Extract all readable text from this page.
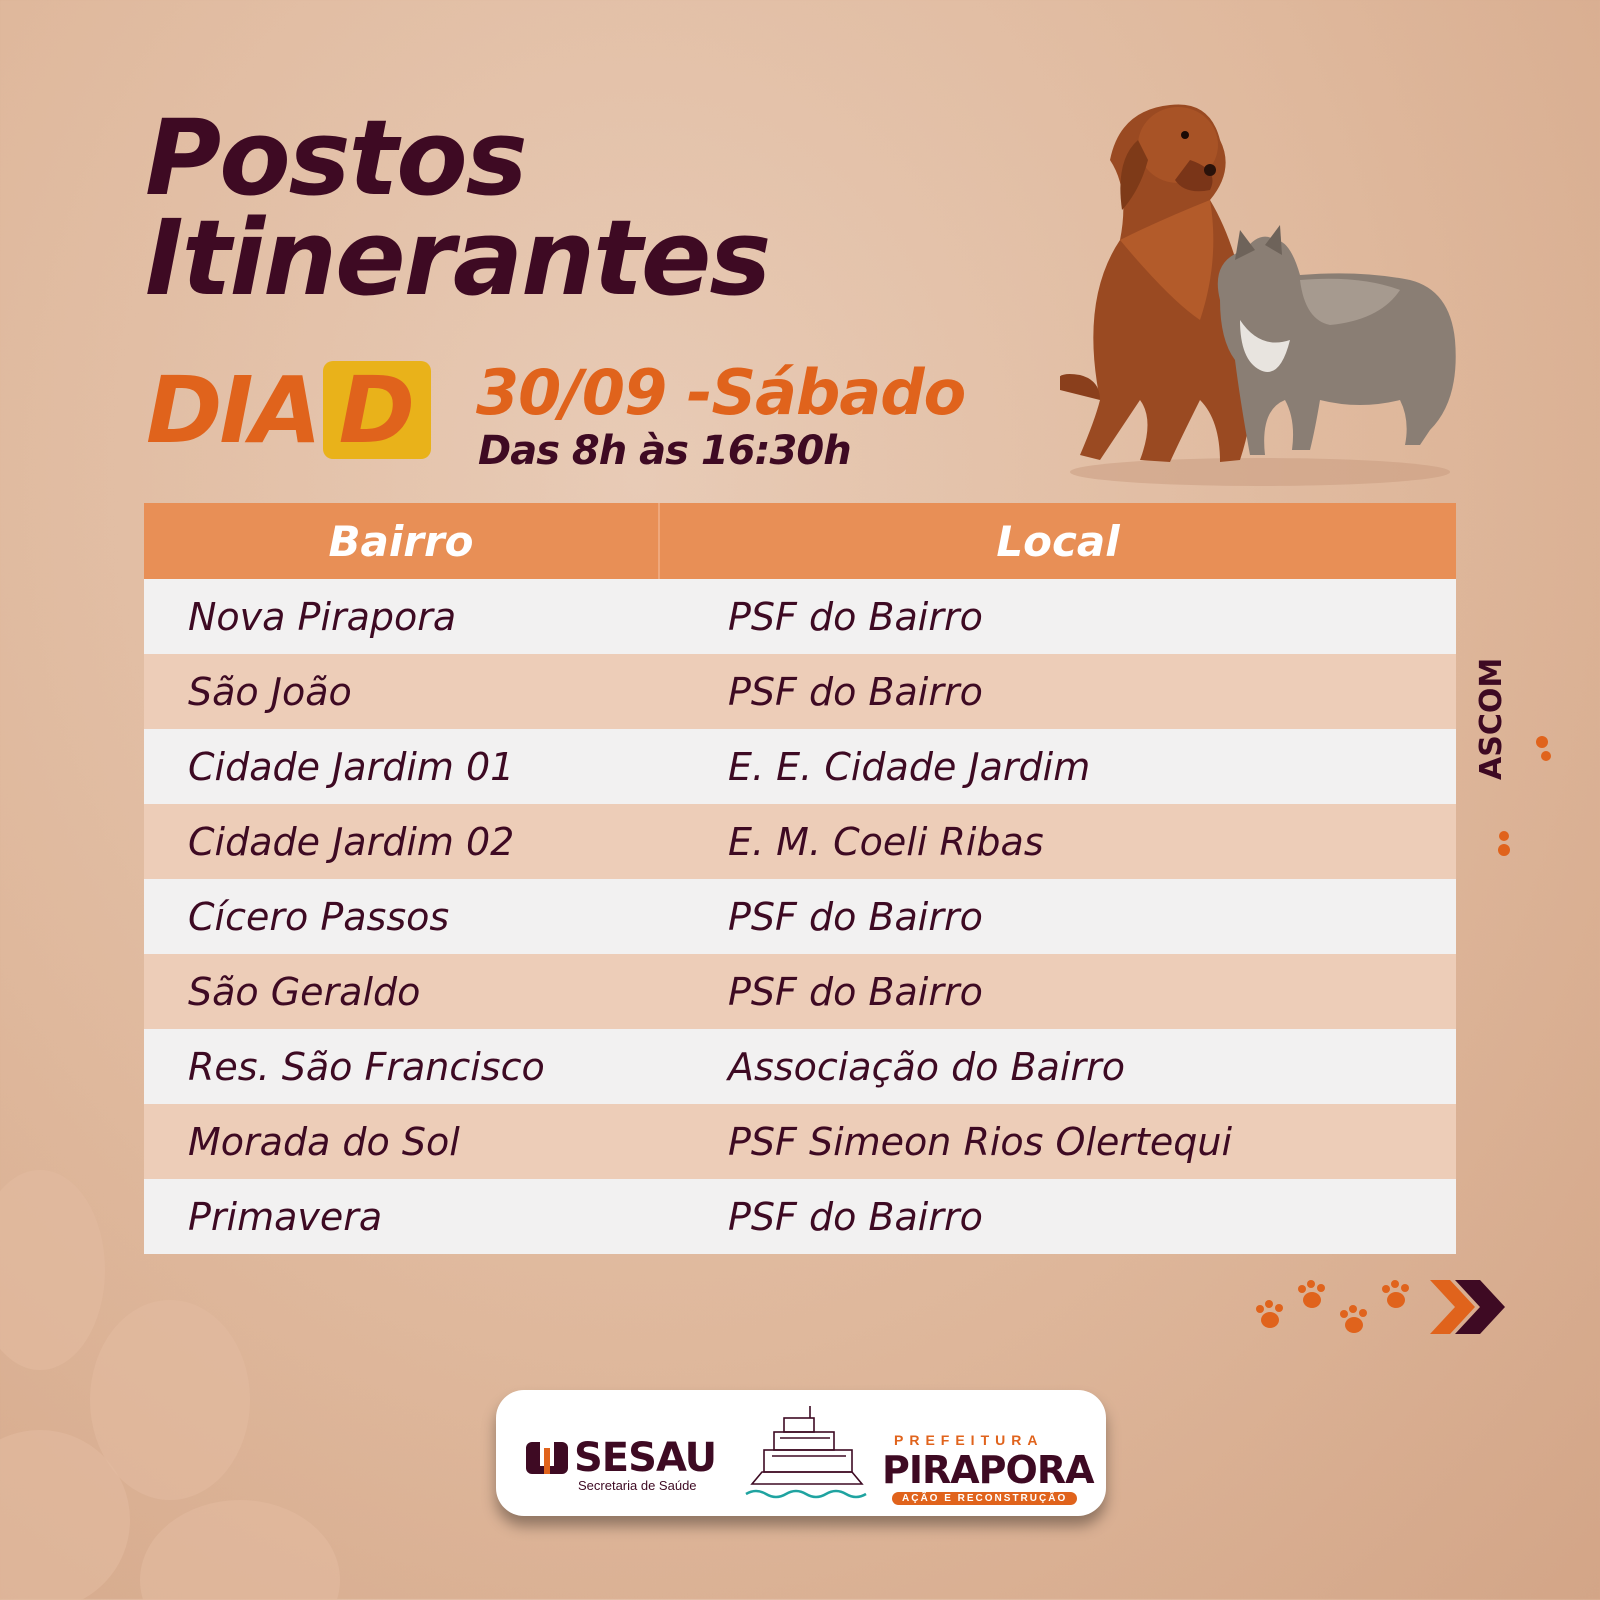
Postos
Itinerantes
DIA D 30/09 -Sábado
Das 8h às 16:30h
Bairro	Local
Nova Pirapora	PSF do Bairro
São João	PSF do Bairro
Cidade Jardim 01	E. E. Cidade Jardim
Cidade Jardim 02	E. M. Coeli Ribas
Cícero Passos	PSF do Bairro
São Geraldo	PSF do Bairro
Res. São Francisco	Associação do Bairro
Morada do Sol	PSF Simeon Rios Olertequi
Primavera	PSF do Bairro
ASCOM
SESAU
Secretaria de Saúde
PREFEITURA
PIRAPORA
AÇÃO E RECONSTRUÇÃO
